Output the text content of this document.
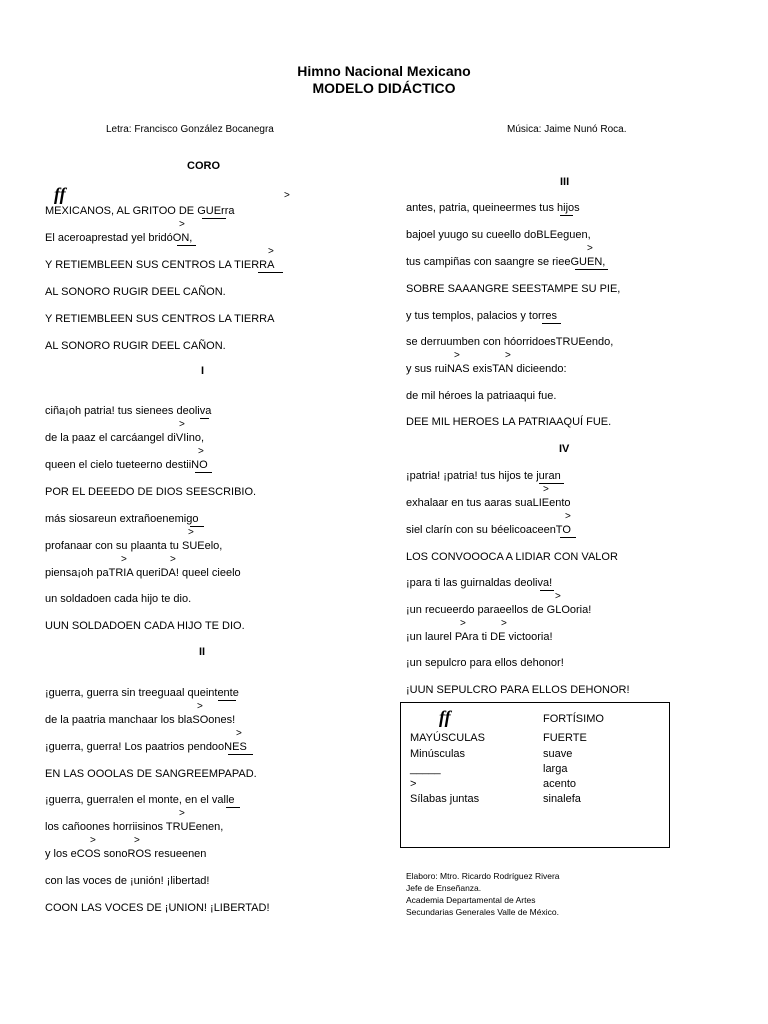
Himno Nacional Mexicano
MODELO DIDÁCTICO
Letra: Francisco González Bocanegra	Música: Jaime Nunó Roca.
CORO
ff
MEXICANOS, AL GRITOO DE GUErra
El aceroaprestad yel bridóON,
Y RETIEMBLEEN SUS CENTROS LA TIERRA
AL SONORO RUGIR DEEL CAÑON.
Y RETIEMBLEEN SUS CENTROS LA TIERRA
AL SONORO RUGIR DEEL CAÑON.
I
ciña¡oh patria! tus sienees deoliva
de la paaz el carcáangel diVIino,
queen el cielo tueteerno destiiNO
POR EL DEEEDO DE DIOS SEESCRIBIO.
más siosareun extrañoenemigo
profanaar con su plaanta tu SUEelo,
piensa¡oh paTRIA queriDA! queel cieelo
un soldadoen cada hijo te dio.
UUN SOLDADOEN CADA HIJO TE DIO.
II
¡guerra, guerra sin treeguaal queintente
de la paatria manchaar los blaSOones!
¡guerra, guerra! Los paatrios pendooNES
EN LAS OOOLAS DE SANGREEMPAPAD.
¡guerra, guerra!en el monte, en el valle
los cañoones horriisinos TRUEenen,
y los eCOS sonoROS resueenen
con las voces de ¡unión! ¡libertad!
COON LAS VOCES DE ¡UNION! ¡LIBERTAD!
III
antes, patria, queineermes tus hijos
bajoel yuugo su cueello doBLEeguen,
tus campiñas con saangre se rieeGUEN,
SOBRE SAAANGRE SEESTAMPE SU PIE,
y tus templos, palacios y torres
se derruumben con hóorridoesTRUEendo,
y sus ruiNAS exisTAN dicieendo:
de mil héroes la patriaaqui fue.
DEE MIL HEROES LA PATRIAAQUÍ FUE.
IV
¡patria! ¡patria! tus hijos te juran
exhalaar en tus aaras suaLIEento
siel clarín con su béelicoaceenTO
LOS CONVOOOCA A LIDIAR CON VALOR
¡para ti las guirnaldas deoliva!
¡un recueerdo paraeellos de GLOoria!
¡un laurel PAra ti DE victooria!
¡un sepulcro para ellos dehonor!
¡UUN SEPULCRO PARA ELLOS DEHONOR!
>
>
>
>
>
>
>	>
>
>
>
>	>
>
>	>
>
>
>
>	>
ff	FORTÍSIMO
MAYÚSCULAS	FUERTE
Minúsculas	suave
_____	larga
>	acento
Sílabas juntas	sinalefa
Elaboro: Mtro. Ricardo Rodríguez Rivera
Jefe de Enseñanza.
Academia Departamental de Artes
Secundarias Generales Valle de México.
